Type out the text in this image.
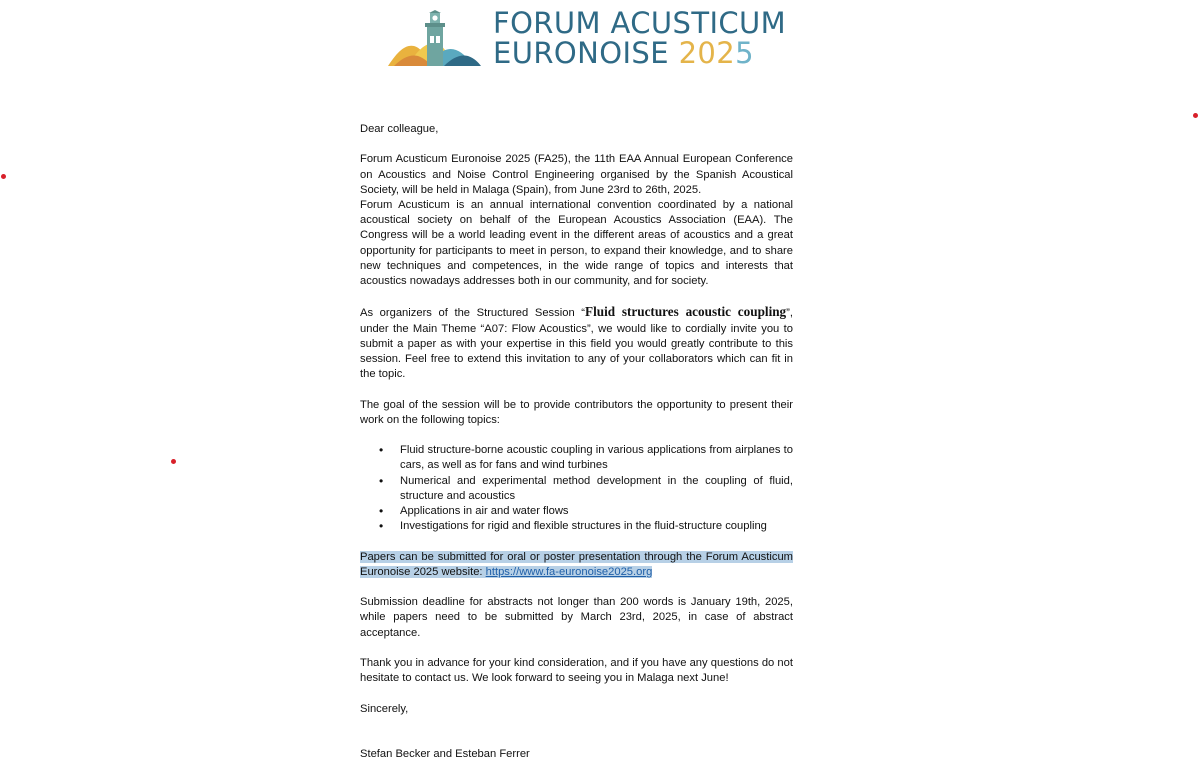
FORUM ACUSTICUM
EURONOISE 2025

Dear colleague,

Forum Acusticum Euronoise 2025 (FA25), the 11th EAA Annual European Conference on Acoustics and Noise Control Engineering organised by the Spanish Acoustical Society, will be held in Malaga (Spain), from June 23rd to 26th, 2025.

Forum Acusticum is an annual international convention coordinated by a national acoustical society on behalf of the European Acoustics Association (EAA). The Congress will be a world leading event in the different areas of acoustics and a great opportunity for participants to meet in person, to expand their knowledge, and to share new techniques and competences, in the wide range of topics and interests that acoustics nowadays addresses both in our community, and for society.

As organizers of the Structured Session “Fluid structures acoustic coupling”, under the Main Theme “A07: Flow Acoustics”, we would like to cordially invite you to submit a paper as with your expertise in this field you would greatly contribute to this session. Feel free to extend this invitation to any of your collaborators which can fit in the topic.

The goal of the session will be to provide contributors the opportunity to present their work on the following topics:

• Fluid structure-borne acoustic coupling in various applications from airplanes to cars, as well as for fans and wind turbines
• Numerical and experimental method development in the coupling of fluid, structure and acoustics
• Applications in air and water flows
• Investigations for rigid and flexible structures in the fluid-structure coupling

Papers can be submitted for oral or poster presentation through the Forum Acusticum Euronoise 2025 website: https://www.fa-euronoise2025.org

Submission deadline for abstracts not longer than 200 words is January 19th, 2025, while papers need to be submitted by March 23rd, 2025, in case of abstract acceptance.

Thank you in advance for your kind consideration, and if you have any questions do not hesitate to contact us. We look forward to seeing you in Malaga next June!

Sincerely,

Stefan Becker and Esteban Ferrer
